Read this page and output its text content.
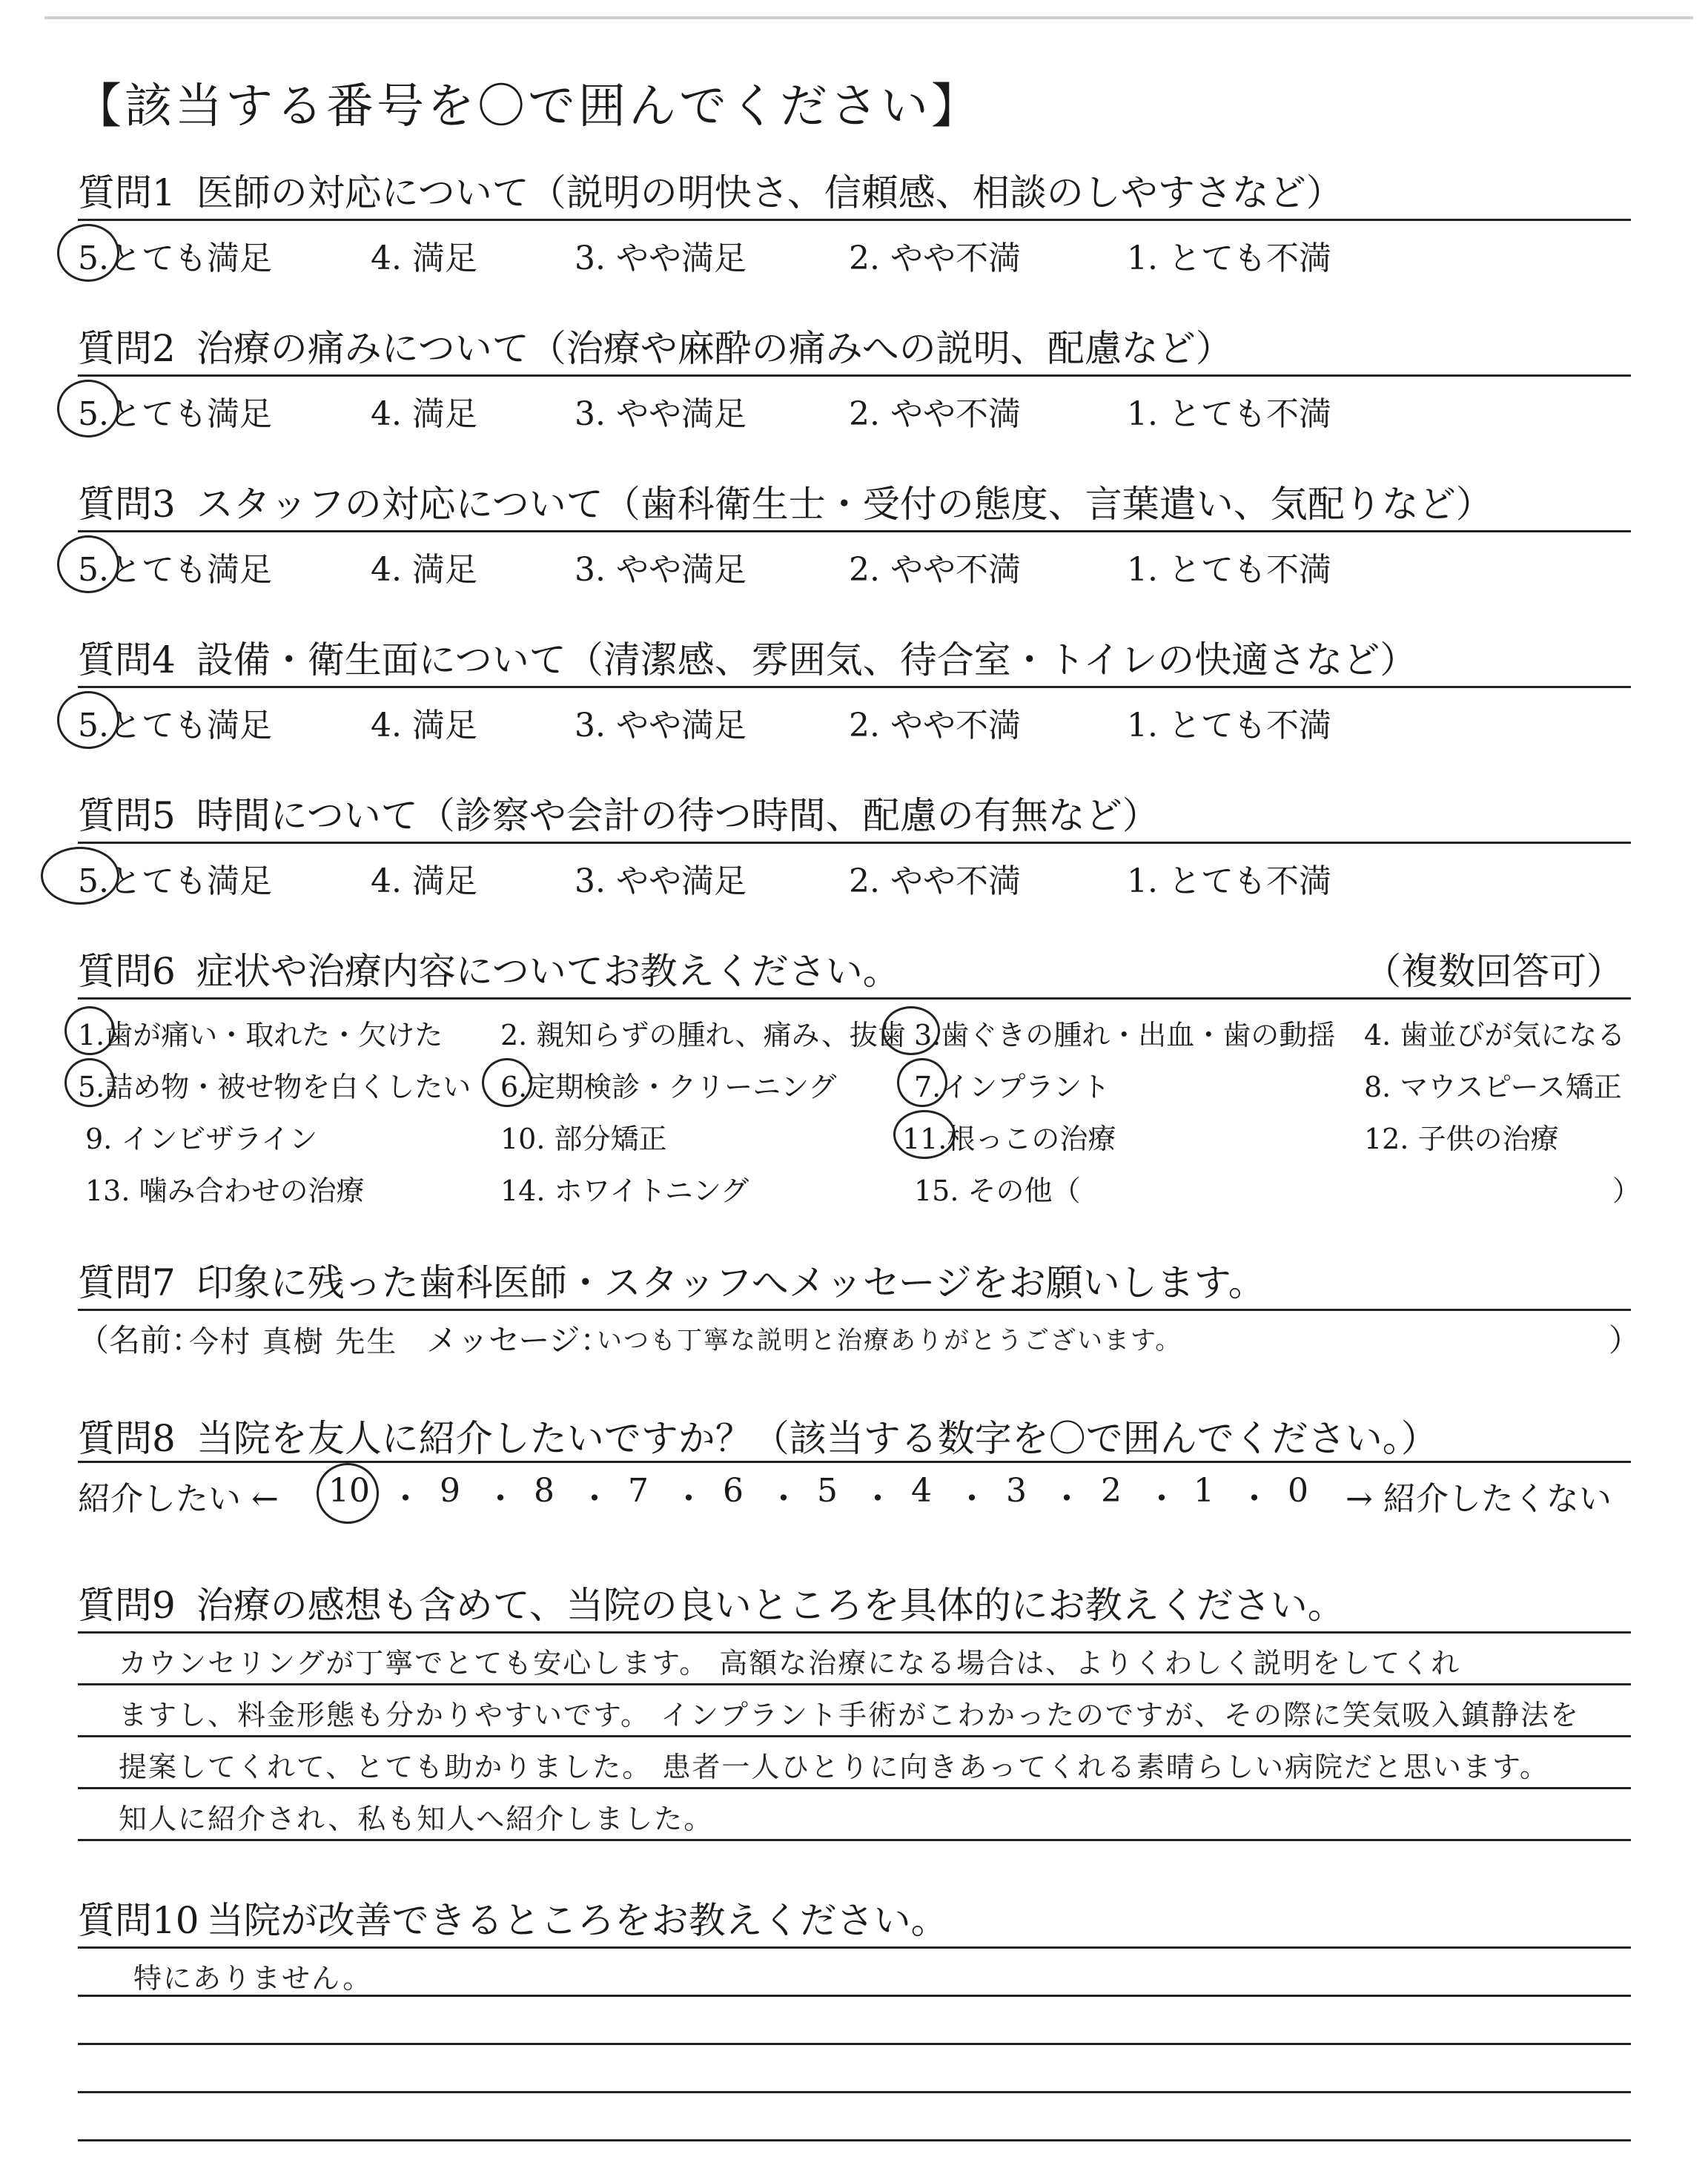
【該当する番号を〇で囲んでください】
質問1 医師の対応について（説明の明快さ、信頼感、相談のしやすさなど）
5.とても満足	4. 満足	3. やや満足	2. やや不満	1. とても不満
質問2 治療の痛みについて（治療や麻酔の痛みへの説明、配慮など）
5.とても満足	4. 満足	3. やや満足	2. やや不満	1. とても不満
質問3 スタッフの対応について（歯科衛生士・受付の態度、言葉遣い、気配りなど）
5.とても満足	4. 満足	3. やや満足	2. やや不満	1. とても不満
質問4 設備・衛生面について（清潔感、雰囲気、待合室・トイレの快適さなど）
5.とても満足	4. 満足	3. やや満足	2. やや不満	1. とても不満
質問5 時間について（診察や会計の待つ時間、配慮の有無など）
5.とても満足	4. 満足	3. やや満足	2. やや不満	1. とても不満
質問6 症状や治療内容についてお教えください。	（複数回答可）
1.歯が痛い・取れた・欠けた 2. 親知らずの腫れ、痛み、抜歯 3.歯ぐきの腫れ・出血・歯の動揺 4. 歯並びが気になる
5.詰め物・被せ物を白くしたい 6.定期検診・クリーニング	7.インプラント	8. マウスピース矯正
9. インビザライン	10. 部分矯正	11.根っこの治療	12. 子供の治療
13. 噛み合わせの治療	14. ホワイトニング	15. その他（	）
質問7 印象に残った歯科医師・スタッフへメッセージをお願いします。
（名前：
今村 真樹 先生 メッセージ：
いつも丁寧な説明と治療ありがとうございます。	）
質問8 当院を友人に紹介したいですか？（該当する数字を〇で囲んでください。）
紹介したい ← 10 ・ 9 ・ 8 ・ 7 ・ 6 ・ 5 ・ 4 ・ 3 ・ 2 ・ 1 ・ 0 → 紹介したくない
質問9 治療の感想も含めて、当院の良いところを具体的にお教えください。
カウンセリングが丁寧でとても安心します。 高額な治療になる場合は、よりくわしく説明をしてくれ
ますし、料金形態も分かりやすいです。 インプラント手術がこわかったのですが、その際に笑気吸入鎮静法を
提案してくれて、とても助かりました。 患者一人ひとりに向きあってくれる素晴らしい病院だと思います。
知人に紹介され、私も知人へ紹介しました。
質問10 当院が改善できるところをお教えください。
特にありません。
